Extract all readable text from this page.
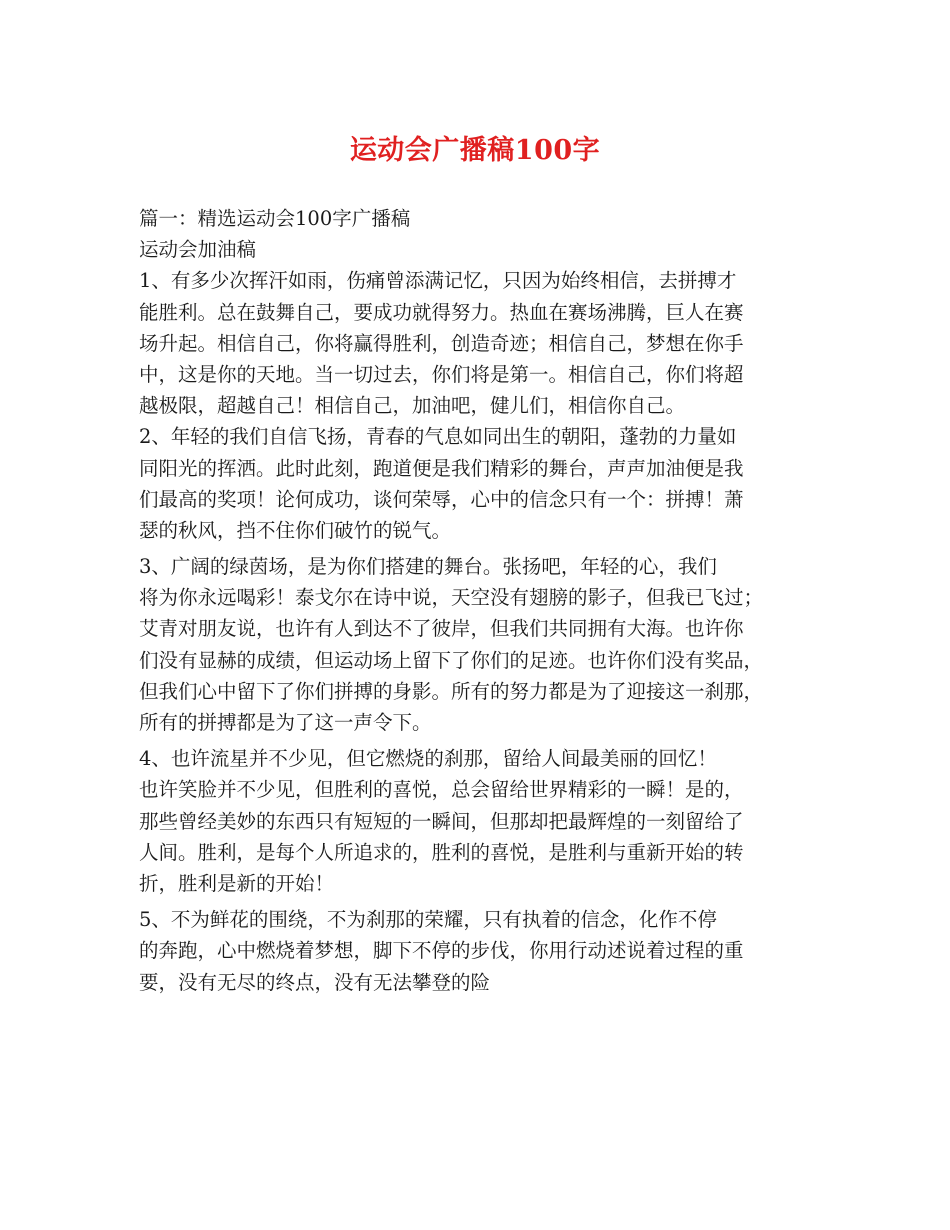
运动会广播稿100字
篇一：精选运动会100字广播稿
运动会加油稿
1、有多少次挥汗如雨，伤痛曾添满记忆，只因为始终相信，去拼搏才
能胜利。总在鼓舞自己，要成功就得努力。热血在赛场沸腾，巨人在赛
场升起。相信自己，你将赢得胜利，创造奇迹；相信自己，梦想在你手
中，这是你的天地。当一切过去，你们将是第一。相信自己，你们将超
越极限，超越自己！相信自己，加油吧，健儿们，相信你自己。
2、年轻的我们自信飞扬，青春的气息如同出生的朝阳，蓬勃的力量如
同阳光的挥洒。此时此刻，跑道便是我们精彩的舞台，声声加油便是我
们最高的奖项！论何成功，谈何荣辱，心中的信念只有一个：拼搏！萧
瑟的秋风，挡不住你们破竹的锐气。
3、广阔的绿茵场，是为你们搭建的舞台。张扬吧，年轻的心，我们
将为你永远喝彩！泰戈尔在诗中说，天空没有翅膀的影子，但我已飞过；
艾青对朋友说，也许有人到达不了彼岸，但我们共同拥有大海。也许你
们没有显赫的成绩，但运动场上留下了你们的足迹。也许你们没有奖品，
但我们心中留下了你们拼搏的身影。所有的努力都是为了迎接这一刹那，
所有的拼搏都是为了这一声令下。
4、也许流星并不少见，但它燃烧的刹那，留给人间最美丽的回忆！
也许笑脸并不少见，但胜利的喜悦，总会留给世界精彩的一瞬！是的，
那些曾经美妙的东西只有短短的一瞬间，但那却把最辉煌的一刻留给了
人间。胜利，是每个人所追求的，胜利的喜悦，是胜利与重新开始的转
折，胜利是新的开始！
5、不为鲜花的围绕，不为刹那的荣耀，只有执着的信念，化作不停
的奔跑，心中燃烧着梦想，脚下不停的步伐，你用行动述说着过程的重
要，没有无尽的终点，没有无法攀登的险
